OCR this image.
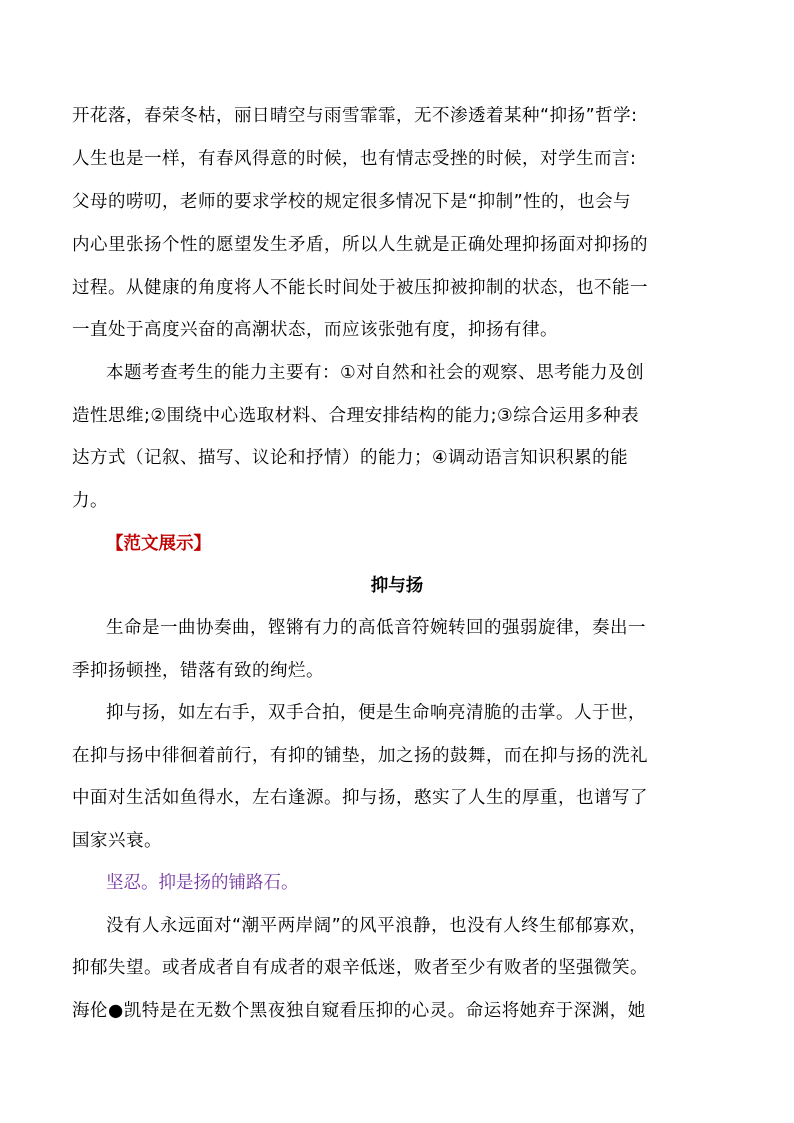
开花落，春荣冬枯，丽日晴空与雨雪霏霏，无不渗透着某种“抑扬”哲学:
人生也是一样，有春风得意的时候，也有情志受挫的时候，对学生而言:
父母的唠叨，老师的要求学校的规定很多情况下是“抑制”性的，也会与
内心里张扬个性的愿望发生矛盾，所以人生就是正确处理抑扬面对抑扬的
过程。从健康的角度将人不能长时间处于被压抑被抑制的状态，也不能一
一直处于高度兴奋的高潮状态，而应该张弛有度，抑扬有律。
本题考查考生的能力主要有：①对自然和社会的观察、思考能力及创
造性思维;②围绕中心选取材料、合理安排结构的能力;③综合运用多种表
达方式（记叙、描写、议论和抒情）的能力；④调动语言知识积累的能
力。
【范文展示】
抑与扬
生命是一曲协奏曲，铿锵有力的高低音符婉转回的强弱旋律，奏出一
季抑扬顿挫，错落有致的绚烂。
抑与扬，如左右手，双手合拍，便是生命响亮清脆的击掌。人于世，
在抑与扬中徘徊着前行，有抑的铺垫，加之扬的鼓舞，而在抑与扬的洗礼
中面对生活如鱼得水，左右逢源。抑与扬，憨实了人生的厚重，也谱写了
国家兴衰。
坚忍。抑是扬的铺路石。
没有人永远面对“潮平两岸阔”的风平浪静，也没有人终生郁郁寡欢，
抑郁失望。或者成者自有成者的艰辛低迷，败者至少有败者的坚强微笑。
海伦●凯特是在无数个黑夜独自窥看压抑的心灵。命运将她弃于深渊，她
